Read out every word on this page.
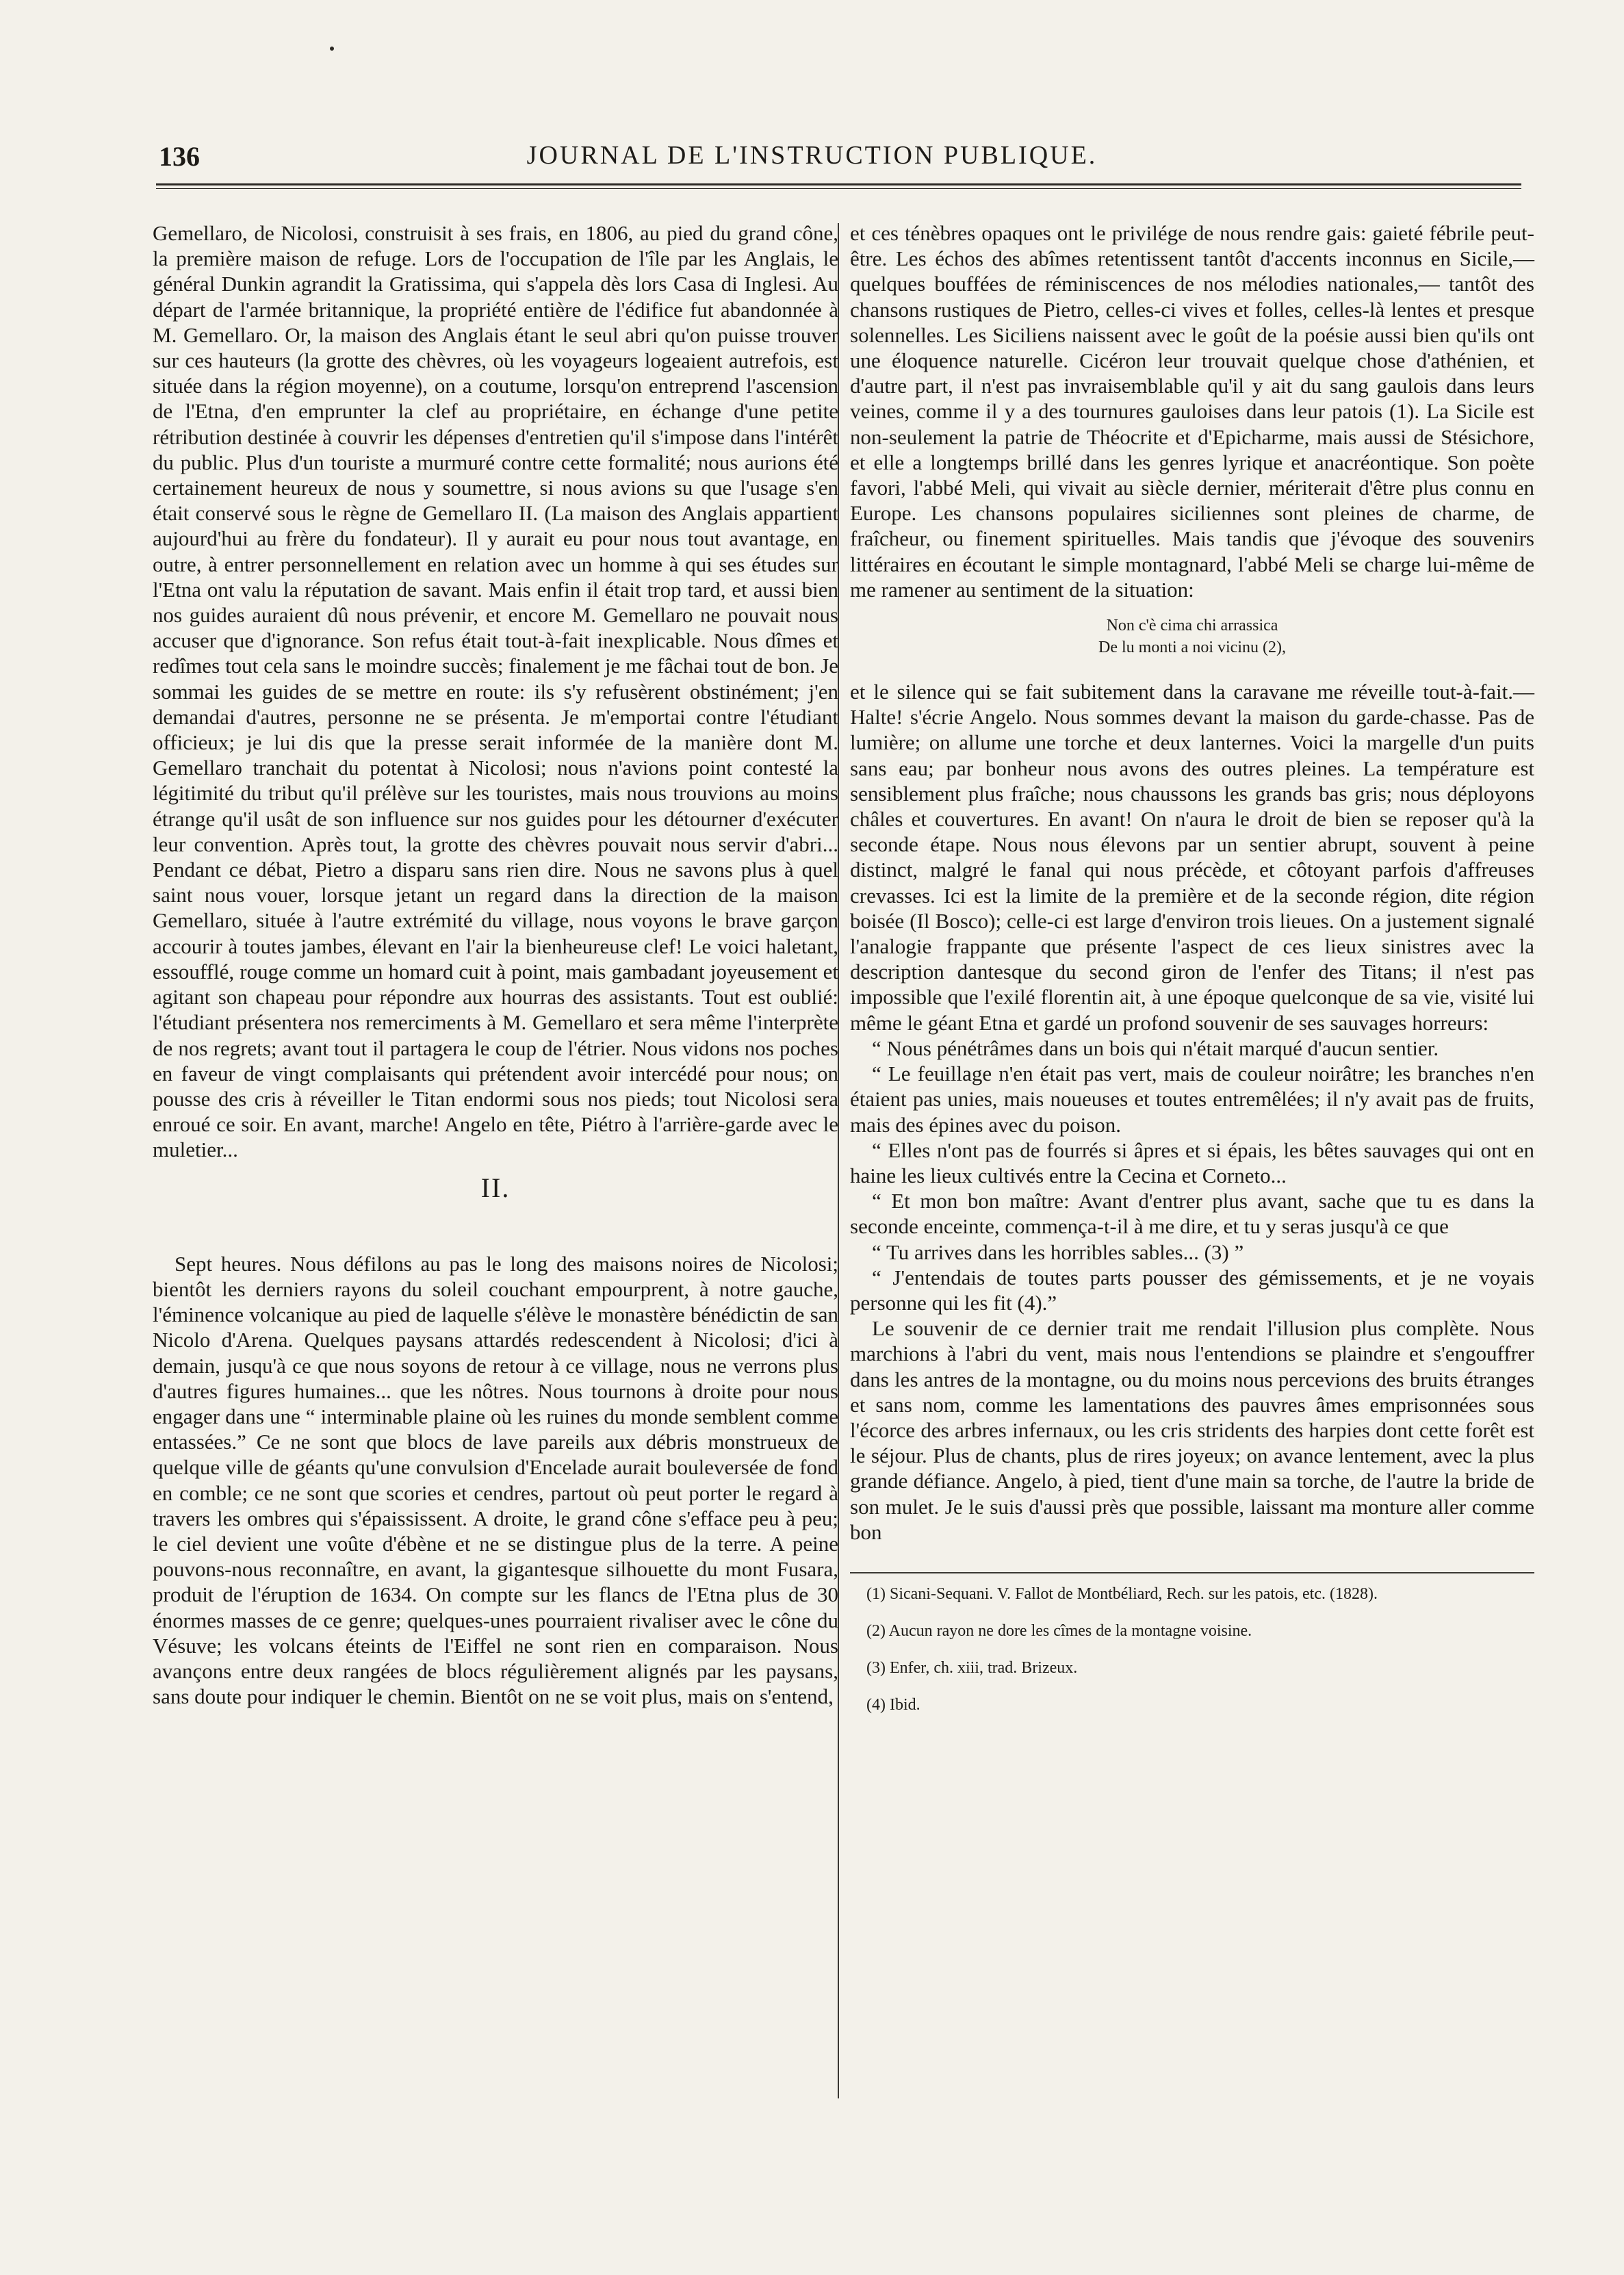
136	JOURNAL DE L'INSTRUCTION PUBLIQUE.

Gemellaro, de Nicolosi, construisit à ses frais, en 1806, au pied du grand cône, la première maison de refuge. Lors de l'occupation de l'île par les Anglais, le général Dunkin agrandit la Gratissima, qui s'appela dès lors Casa di Inglesi. Au départ de l'armée britannique, la propriété entière de l'édifice fut abandonnée à M. Gemellaro. Or, la maison des Anglais étant le seul abri qu'on puisse trouver sur ces hauteurs (la grotte des chèvres, où les voyageurs logeaient autrefois, est située dans la région moyenne), on a coutume, lorsqu'on entreprend l'ascension de l'Etna, d'en emprunter la clef au propriétaire, en échange d'une petite rétribution destinée à couvrir les dépenses d'entretien qu'il s'impose dans l'intérêt du public. Plus d'un touriste a murmuré contre cette formalité; nous aurions été certainement heureux de nous y soumettre, si nous avions su que l'usage s'en était conservé sous le règne de Gemellaro II. (La maison des Anglais appartient aujourd'hui au frère du fondateur). Il y aurait eu pour nous tout avantage, en outre, à entrer personnellement en relation avec un homme à qui ses études sur l'Etna ont valu la réputation de savant. Mais enfin il était trop tard, et aussi bien nos guides auraient dû nous prévenir, et encore M. Gemellaro ne pouvait nous accuser que d'ignorance. Son refus était tout-à-fait inexplicable. Nous dîmes et redîmes tout cela sans le moindre succès; finalement je me fâchai tout de bon. Je sommai les guides de se mettre en route: ils s'y refusèrent obstinément; j'en demandai d'autres, personne ne se présenta. Je m'emportai contre l'étudiant officieux; je lui dis que la presse serait informée de la manière dont M. Gemellaro tranchait du potentat à Nicolosi; nous n'avions point contesté la légitimité du tribut qu'il prélève sur les touristes, mais nous trouvions au moins étrange qu'il usât de son influence sur nos guides pour les détourner d'exécuter leur convention. Après tout, la grotte des chèvres pouvait nous servir d'abri... Pendant ce débat, Pietro a disparu sans rien dire. Nous ne savons plus à quel saint nous vouer, lorsque jetant un regard dans la direction de la maison Gemellaro, située à l'autre extrémité du village, nous voyons le brave garçon accourir à toutes jambes, élevant en l'air la bienheureuse clef! Le voici haletant, essoufflé, rouge comme un homard cuit à point, mais gambadant joyeusement et agitant son chapeau pour répondre aux hourras des assistants. Tout est oublié: l'étudiant présentera nos remerciments à M. Gemellaro et sera même l'interprète de nos regrets; avant tout il partagera le coup de l'étrier. Nous vidons nos poches en faveur de vingt complaisants qui prétendent avoir intercédé pour nous; on pousse des cris à réveiller le Titan endormi sous nos pieds; tout Nicolosi sera enroué ce soir. En avant, marche! Angelo en tête, Piétro à l'arrière-garde avec le muletier...

II.

Sept heures. Nous défilons au pas le long des maisons noires de Nicolosi; bientôt les derniers rayons du soleil couchant empourprent, à notre gauche, l'éminence volcanique au pied de laquelle s'élève le monastère bénédictin de san Nicolo d'Arena. Quelques paysans attardés redescendent à Nicolosi; d'ici à demain, jusqu'à ce que nous soyons de retour à ce village, nous ne verrons plus d'autres figures humaines... que les nôtres. Nous tournons à droite pour nous engager dans une “ interminable plaine où les ruines du monde semblent comme entassées.” Ce ne sont que blocs de lave pareils aux débris monstrueux de quelque ville de géants qu'une convulsion d'Encelade aurait bouleversée de fond en comble; ce ne sont que scories et cendres, partout où peut porter le regard à travers les ombres qui s'épaississent. A droite, le grand cône s'efface peu à peu; le ciel devient une voûte d'ébène et ne se distingue plus de la terre. A peine pouvons-nous reconnaître, en avant, la gigantesque silhouette du mont Fusara, produit de l'éruption de 1634. On compte sur les flancs de l'Etna plus de 30 énormes masses de ce genre; quelques-unes pourraient rivaliser avec le cône du Vésuve; les volcans éteints de l'Eiffel ne sont rien en comparaison. Nous avançons entre deux rangées de blocs régulièrement alignés par les paysans, sans doute pour indiquer le chemin. Bientôt on ne se voit plus, mais on s'entend,

et ces ténèbres opaques ont le privilége de nous rendre gais: gaieté fébrile peut-être. Les échos des abîmes retentissent tantôt d'accents inconnus en Sicile,—quelques bouffées de réminiscences de nos mélodies nationales,— tantôt des chansons rustiques de Pietro, celles-ci vives et folles, celles-là lentes et presque solennelles. Les Siciliens naissent avec le goût de la poésie aussi bien qu'ils ont une éloquence naturelle. Cicéron leur trouvait quelque chose d'athénien, et d'autre part, il n'est pas invraisemblable qu'il y ait du sang gaulois dans leurs veines, comme il y a des tournures gauloises dans leur patois (1). La Sicile est non-seulement la patrie de Théocrite et d'Epicharme, mais aussi de Stésichore, et elle a longtemps brillé dans les genres lyrique et anacréontique. Son poète favori, l'abbé Meli, qui vivait au siècle dernier, mériterait d'être plus connu en Europe. Les chansons populaires siciliennes sont pleines de charme, de fraîcheur, ou finement spirituelles. Mais tandis que j'évoque des souvenirs littéraires en écoutant le simple montagnard, l'abbé Meli se charge lui-même de me ramener au sentiment de la situation:

Non c'è cima chi arrassica
De lu monti a noi vicinu (2),

et le silence qui se fait subitement dans la caravane me réveille tout-à-fait.—Halte! s'écrie Angelo. Nous sommes devant la maison du garde-chasse. Pas de lumière; on allume une torche et deux lanternes. Voici la margelle d'un puits sans eau; par bonheur nous avons des outres pleines. La température est sensiblement plus fraîche; nous chaussons les grands bas gris; nous déployons châles et couvertures. En avant! On n'aura le droit de bien se reposer qu'à la seconde étape. Nous nous élevons par un sentier abrupt, souvent à peine distinct, malgré le fanal qui nous précède, et côtoyant parfois d'affreuses crevasses. Ici est la limite de la première et de la seconde région, dite région boisée (Il Bosco); celle-ci est large d'environ trois lieues. On a justement signalé l'analogie frappante que présente l'aspect de ces lieux sinistres avec la description dantesque du second giron de l'enfer des Titans; il n'est pas impossible que l'exilé florentin ait, à une époque quelconque de sa vie, visité lui même le géant Etna et gardé un profond souvenir de ses sauvages horreurs:

“ Nous pénétrâmes dans un bois qui n'était marqué d'aucun sentier.

“ Le feuillage n'en était pas vert, mais de couleur noirâtre; les branches n'en étaient pas unies, mais noueuses et toutes entremêlées; il n'y avait pas de fruits, mais des épines avec du poison.

“ Elles n'ont pas de fourrés si âpres et si épais, les bêtes sauvages qui ont en haine les lieux cultivés entre la Cecina et Corneto...

“ Et mon bon maître: Avant d'entrer plus avant, sache que tu es dans la seconde enceinte, commença-t-il à me dire, et tu y seras jusqu'à ce que

“ Tu arrives dans les horribles sables... (3) ”

“ J'entendais de toutes parts pousser des gémissements, et je ne voyais personne qui les fit (4).”

Le souvenir de ce dernier trait me rendait l'illusion plus complète. Nous marchions à l'abri du vent, mais nous l'entendions se plaindre et s'engouffrer dans les antres de la montagne, ou du moins nous percevions des bruits étranges et sans nom, comme les lamentations des pauvres âmes emprisonnées sous l'écorce des arbres infernaux, ou les cris stridents des harpies dont cette forêt est le séjour. Plus de chants, plus de rires joyeux; on avance lentement, avec la plus grande défiance. Angelo, à pied, tient d'une main sa torche, de l'autre la bride de son mulet. Je le suis d'aussi près que possible, laissant ma monture aller comme bon

(1) Sicani-Sequani. V. Fallot de Montbéliard, Rech. sur les patois, etc. (1828).

(2) Aucun rayon ne dore les cîmes de la montagne voisine.

(3) Enfer, ch. xiii, trad. Brizeux.

(4) Ibid.
